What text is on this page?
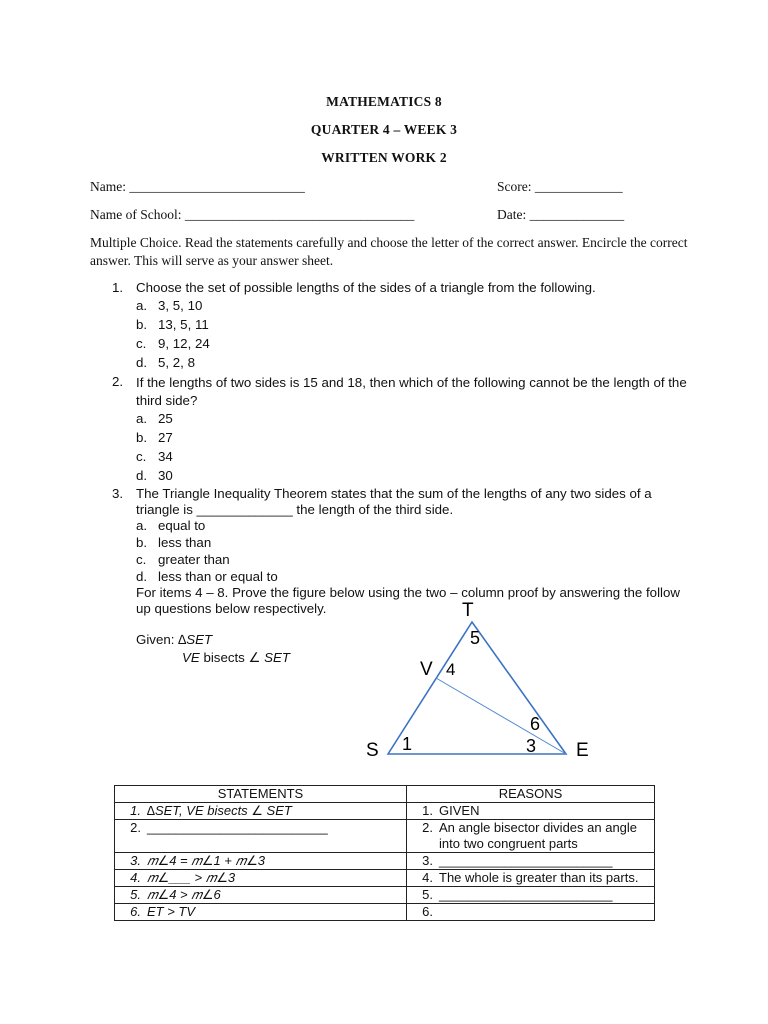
MATHEMATICS 8
QUARTER 4 – WEEK 3
WRITTEN WORK 2
Name: __________________________	Score: _____________
Name of School: __________________________________	Date: ______________
Multiple Choice. Read the statements carefully and choose the letter of the correct answer. Encircle the correct answer. This will serve as your answer sheet.
1. Choose the set of possible lengths of the sides of a triangle from the following.
a. 3, 5, 10
b. 13, 5, 11
c. 9, 12, 24
d. 5, 2, 8
2. If the lengths of two sides is 15 and 18, then which of the following cannot be the length of the third side?
a. 25
b. 27
c. 34
d. 30
3. The Triangle Inequality Theorem states that the sum of the lengths of any two sides of a triangle is _____________ the length of the third side.
a. equal to
b. less than
c. greater than
d. less than or equal to
For items 4 – 8. Prove the figure below using the two – column proof by answering the follow up questions below respectively.
Given: ∆SET
VE bisects ∠ SET
T
5
V 4
6
S 1	3 E
STATEMENTS	REASONS
1. ∆SET, VE bisects ∠ SET	1. GIVEN
2. _________________________	2. An angle bisector divides an angle into two congruent parts

3. 𝑚∠4 = 𝑚∠1 + 𝑚∠3	3. ________________________
4. 𝑚∠___ > 𝑚∠3	4. The whole is greater than its parts.
5. 𝑚∠4 > 𝑚∠6	5. ________________________
6. ET > TV	6.
